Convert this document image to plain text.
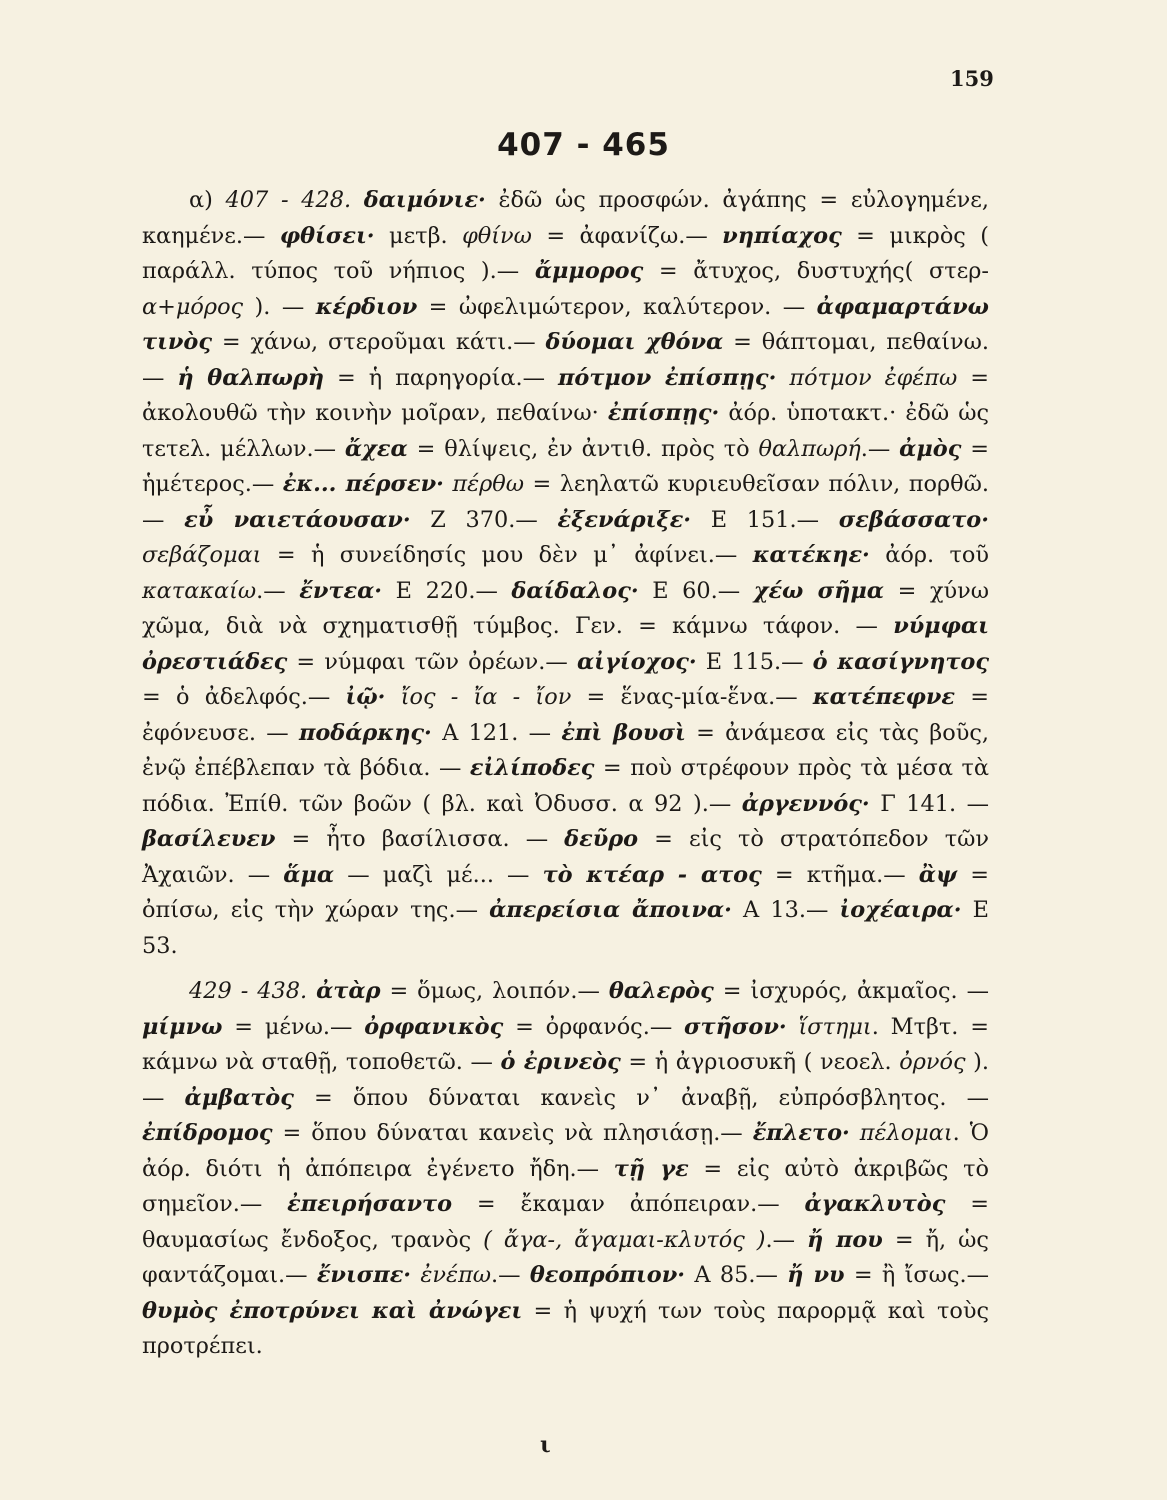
159
407 - 465

α) 407 - 428. δαιμόνιε· ἐδῶ ὡς προσφών. ἀγάπης = εὐλογημένε, καημένε.— φθίσει· μετβ. φθίνω = ἀφανίζω.— νηπίαχος = μικρὸς ( παράλλ. τύπος τοῦ νήπιος ).— ἄμμορος = ἄτυχος, δυστυχής( στερ- α+μόρος ). — κέρδιον = ὠφελιμώτερον, καλύτερον. — ἀφαμαρτάνω τινὸς = χάνω, στεροῦμαι κάτι.— δύομαι χθόνα = θάπτομαι, πεθαίνω. — ἡ θαλπωρὴ = ἡ παρηγορία.— πότμον ἐπίσπῃς· πότμον ἐφέπω = ἀκολουθῶ τὴν κοινὴν μοῖραν, πεθαίνω· ἐπίσπῃς· ἀόρ. ὑποτακτ.· ἐδῶ ὡς τετελ. μέλλων.— ἄχεα = θλίψεις, ἐν ἀντιθ. πρὸς τὸ θαλπωρή.— ἀμὸς = ἡμέτερος.— ἐκ... πέρσεν· πέρθω = λεηλατῶ κυριευθεῖσαν πόλιν, πορθῶ.— εὖ ναιετάουσαν· Ζ 370.— ἐξενάριξε· Ε 151.— σεβάσσατο· σεβάζομαι = ἡ συνείδησίς μου δὲν μ᾽ ἀφίνει.— κατέκηε· ἀόρ. τοῦ κατακαίω.— ἔντεα· Ε 220.— δαίδαλος· Ε 60.— χέω σῆμα = χύνω χῶμα, διὰ νὰ σχηματισθῇ τύμβος. Γεν. = κάμνω τάφον. — νύμφαι ὀρεστιάδες = νύμφαι τῶν ὀρέων.— αἰγίοχος· Ε 115.— ὁ κασίγνητος = ὁ ἀδελφός.— ἰῷ· ἴος - ἴα - ἴον = ἕνας-μία-ἕνα.— κατέπεφνε = ἐφόνευσε. — ποδάρκης· Α 121. — ἐπὶ βουσὶ = ἀνάμεσα εἰς τὰς βοῦς, ἐνῷ ἐπέβλεπαν τὰ βόδια. — εἰλίποδες = ποὺ στρέφουν πρὸς τὰ μέσα τὰ πόδια. Ἐπίθ. τῶν βοῶν ( βλ. καὶ Ὀδυσσ. α 92 ).— ἀργεννός· Γ 141. — βασίλευεν = ἦτο βασίλισσα. — δεῦρο = εἰς τὸ στρατόπεδον τῶν Ἀχαιῶν. — ἅμα — μαζὶ μέ... — τὸ κτέαρ - ατος = κτῆμα.— ἂψ = ὀπίσω, εἰς τὴν χώραν της.— ἀπερείσια ἄποινα· Α 13.— ἰοχέαιρα· Ε 53.

429 - 438. ἀτὰρ = ὅμως, λοιπόν.— θαλερὸς = ἰσχυρός, ἀκμαῖος. — μίμνω = μένω.— ὀρφανικὸς = ὀρφανός.— στῆσον· ἵστημι. Μτβτ. = κάμνω νὰ σταθῇ, τοποθετῶ. — ὁ ἐρινεὸς = ἡ ἀγριοσυκῆ ( νεοελ. ὀρνός ).— ἀμβατὸς = ὅπου δύναται κανεὶς ν᾽ ἀναβῇ, εὐπρόσβλητος. — ἐπίδρομος = ὅπου δύναται κανεὶς νὰ πλησιάσῃ.— ἔπλετο· πέλομαι. Ὁ ἀόρ. διότι ἡ ἀπόπειρα ἐγένετο ἤδη.— τῇ γε = εἰς αὐτὸ ἀκριβῶς τὸ σημεῖον.— ἐπειρήσαντο = ἔκαμαν ἀπόπειραν.— ἀγακλυτὸς = θαυμασίως ἔνδοξος, τρανὸς ( ἄγα-, ἄγαμαι-κλυτός ).— ἤ που = ἤ, ὡς φαντάζομαι.— ἔνισπε· ἐνέπω.— θεοπρόπιον· Α 85.— ἤ νυ = ἢ ἴσως.— θυμὸς ἐποτρύνει καὶ ἀνώγει = ἡ ψυχή των τοὺς παρορμᾷ καὶ τοὺς προτρέπει.

ι
